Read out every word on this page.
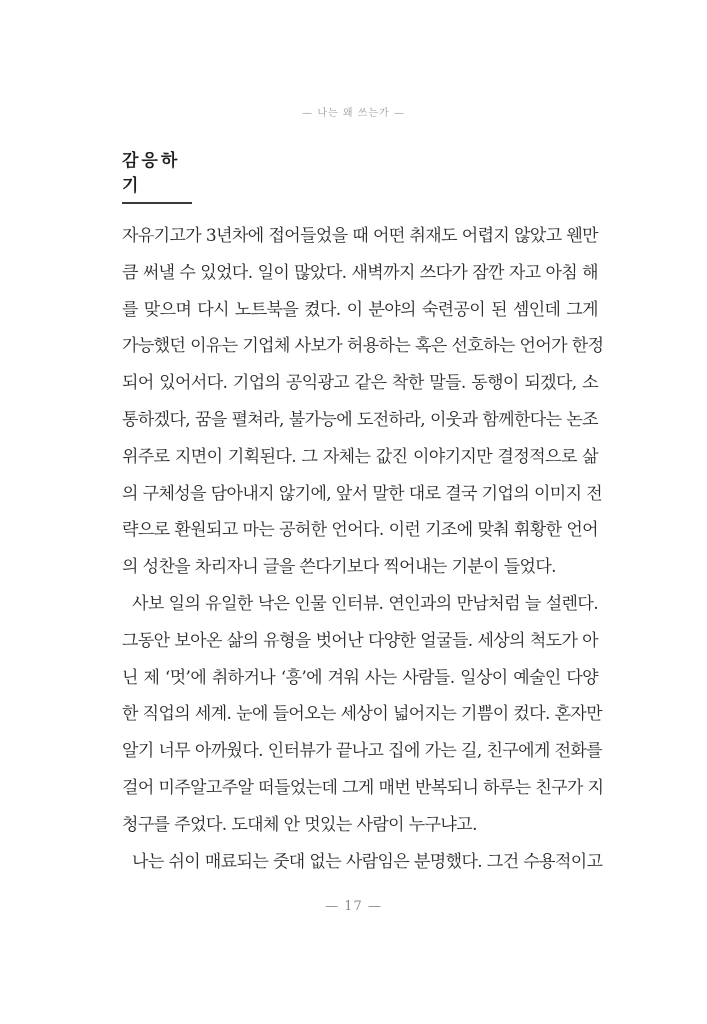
— 나는 왜 쓰는가 —
감응하기
자유기고가 3년차에 접어들었을 때 어떤 취재도 어렵지 않았고 웬만
큼 써낼 수 있었다. 일이 많았다. 새벽까지 쓰다가 잠깐 자고 아침 해
를 맞으며 다시 노트북을 켰다. 이 분야의 숙련공이 된 셈인데 그게
가능했던 이유는 기업체 사보가 허용하는 혹은 선호하는 언어가 한정
되어 있어서다. 기업의 공익광고 같은 착한 말들. 동행이 되겠다, 소
통하겠다, 꿈을 펼쳐라, 불가능에 도전하라, 이웃과 함께한다는 논조
위주로 지면이 기획된다. 그 자체는 값진 이야기지만 결정적으로 삶
의 구체성을 담아내지 않기에, 앞서 말한 대로 결국 기업의 이미지 전
략으로 환원되고 마는 공허한 언어다. 이런 기조에 맞춰 휘황한 언어
의 성찬을 차리자니 글을 쓴다기보다 찍어내는 기분이 들었다.
사보 일의 유일한 낙은 인물 인터뷰. 연인과의 만남처럼 늘 설렌다.
그동안 보아온 삶의 유형을 벗어난 다양한 얼굴들. 세상의 척도가 아
닌 제 ‘멋’에 취하거나 ‘흥’에 겨워 사는 사람들. 일상이 예술인 다양
한 직업의 세계. 눈에 들어오는 세상이 넓어지는 기쁨이 컸다. 혼자만
알기 너무 아까웠다. 인터뷰가 끝나고 집에 가는 길, 친구에게 전화를
걸어 미주알고주알 떠들었는데 그게 매번 반복되니 하루는 친구가 지
청구를 주었다. 도대체 안 멋있는 사람이 누구냐고.
나는 쉬이 매료되는 줏대 없는 사람임은 분명했다. 그건 수용적이고
— 17 —
